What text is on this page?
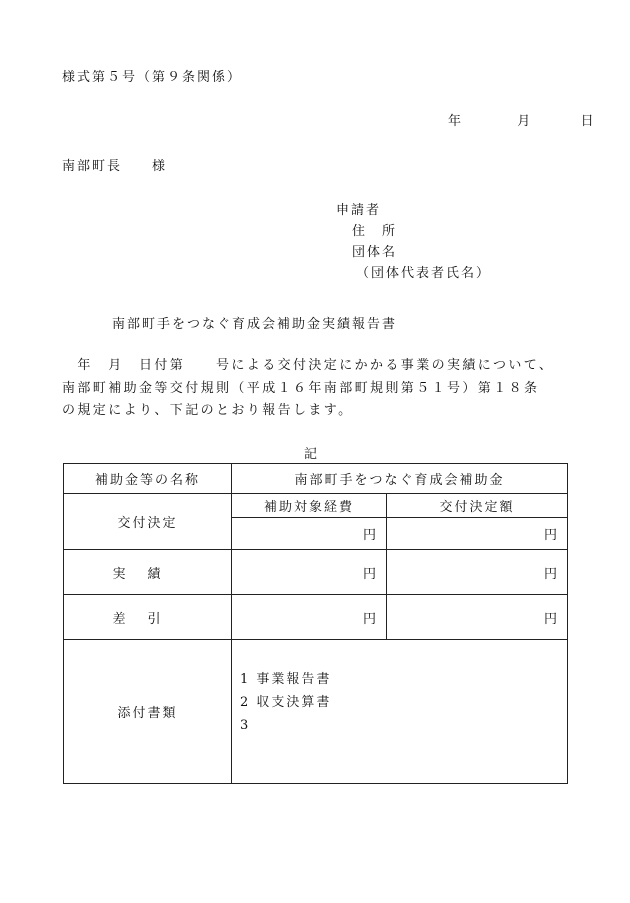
様式第５号（第９条関係）
年	月	日
南部町長　　様
申請者
住　所
団体名
（団体代表者氏名）
南部町手をつなぐ育成会補助金実績報告書
　年　月　日付第　　号による交付決定にかかる事業の実績について、
南部町補助金等交付規則（平成１６年南部町規則第５１号）第１８条
の規定により、下記のとおり報告します。
記
補助金等の名称	南部町手をつなぐ育成会補助金	
交付決定	補助対象経費	交付決定額
	円	円
実績	円	円
差引	円	円
添付書類	1 事業報告書
2 収支決算書
3	
